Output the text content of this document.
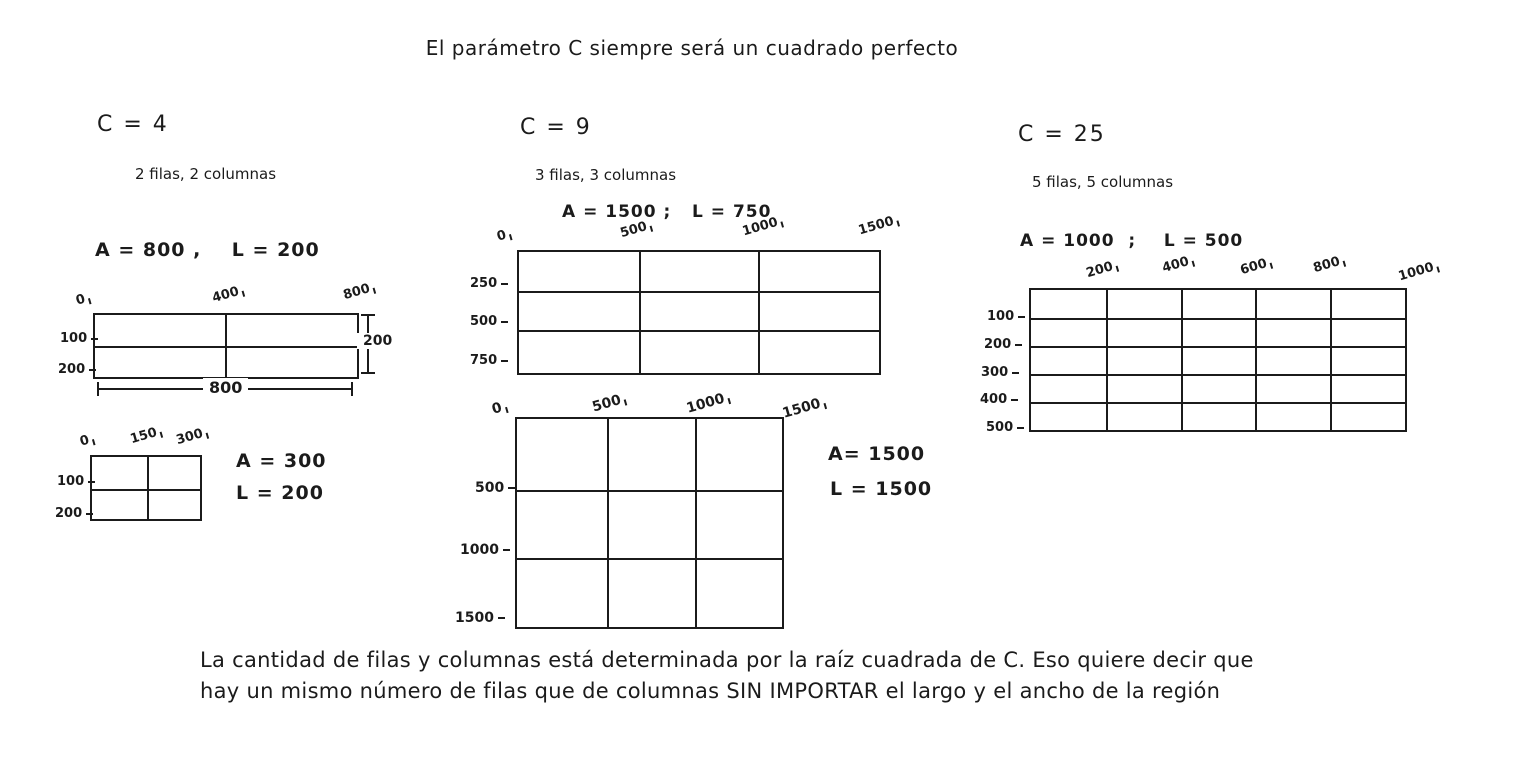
El parámetro C siempre será un cuadrado perfecto
C = 4
2 filas, 2 columnas
A = 800 ,    L = 200
0	400	800
100
200
200
800
0	150	300
100
200
A = 300
L = 200
C = 9
3 filas, 3 columnas
A = 1500 ;   L = 750
0	500	1000	1500
250
500
750
0	500	1000	1500
500
1000
1500
A= 1500
L = 1500
C = 25
5 filas, 5 columnas
A = 1000  ;    L = 500
200	400	600	800	1000
100
200
300
400
500
La cantidad de filas y columnas está determinada por la raíz cuadrada de C. Eso quiere decir que
hay un mismo número de filas que de columnas SIN IMPORTAR el largo y el ancho de la región
